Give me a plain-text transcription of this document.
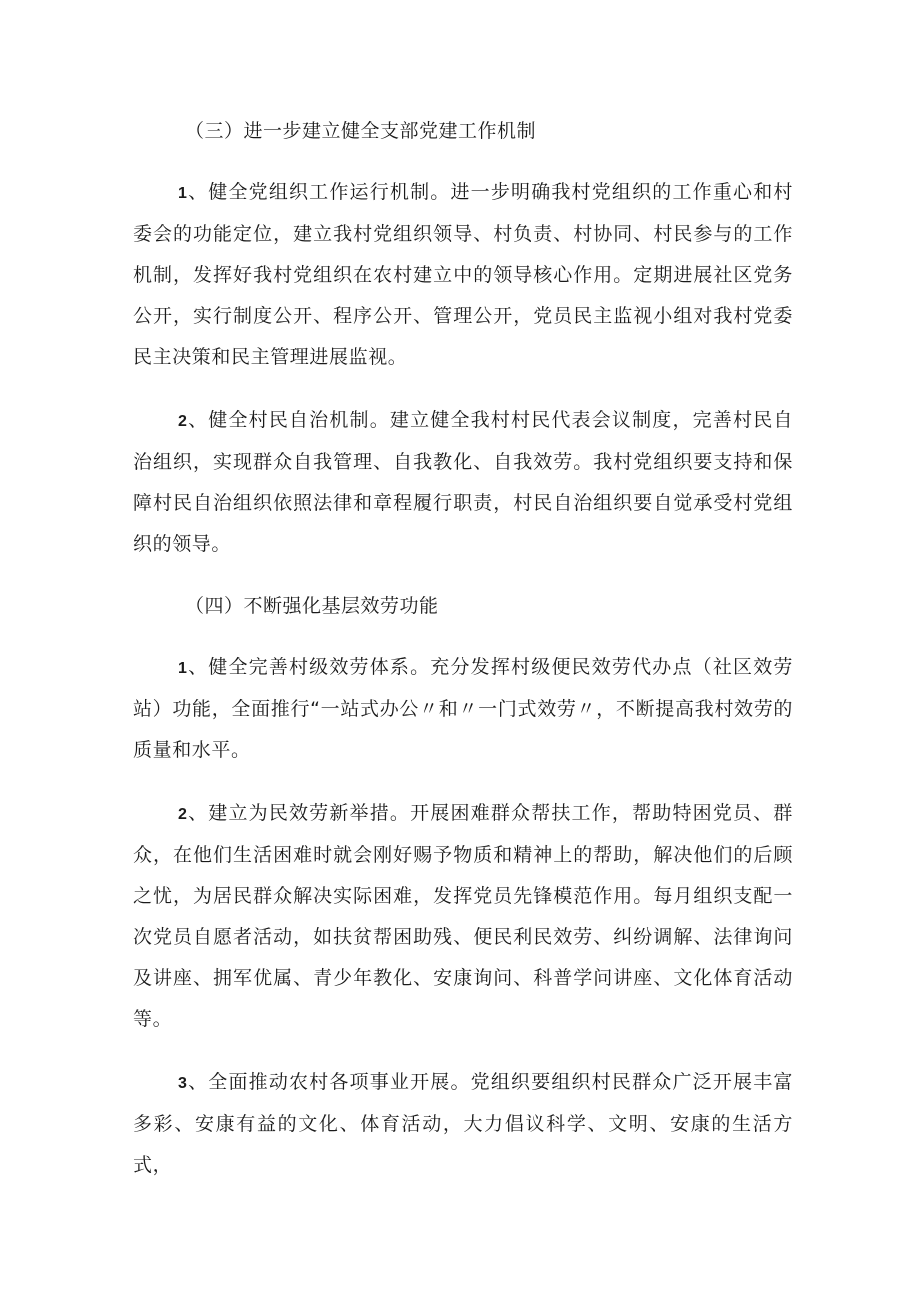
（三）进一步建立健全支部党建工作机制

1、健全党组织工作运行机制。进一步明确我村党组织的工作重心和村委会的功能定位，建立我村党组织领导、村负责、村协同、村民参与的工作机制，发挥好我村党组织在农村建立中的领导核心作用。定期进展社区党务公开，实行制度公开、程序公开、管理公开，党员民主监视小组对我村党委民主决策和民主管理进展监视。

2、健全村民自治机制。建立健全我村村民代表会议制度，完善村民自治组织，实现群众自我管理、自我教化、自我效劳。我村党组织要支持和保障村民自治组织依照法律和章程履行职责，村民自治组织要自觉承受村党组织的领导。

（四）不断强化基层效劳功能

1、健全完善村级效劳体系。充分发挥村级便民效劳代办点（社区效劳站）功能，全面推行“一站式办公〃和〃一门式效劳〃，不断提高我村效劳的质量和水平。

2、建立为民效劳新举措。开展困难群众帮扶工作，帮助特困党员、群众，在他们生活困难时就会刚好赐予物质和精神上的帮助，解决他们的后顾之忧，为居民群众解决实际困难，发挥党员先锋模范作用。每月组织支配一次党员自愿者活动，如扶贫帮困助残、便民利民效劳、纠纷调解、法律询问及讲座、拥军优属、青少年教化、安康询问、科普学问讲座、文化体育活动等。

3、全面推动农村各项事业开展。党组织要组织村民群众广泛开展丰富多彩、安康有益的文化、体育活动，大力倡议科学、文明、安康的生活方式，
